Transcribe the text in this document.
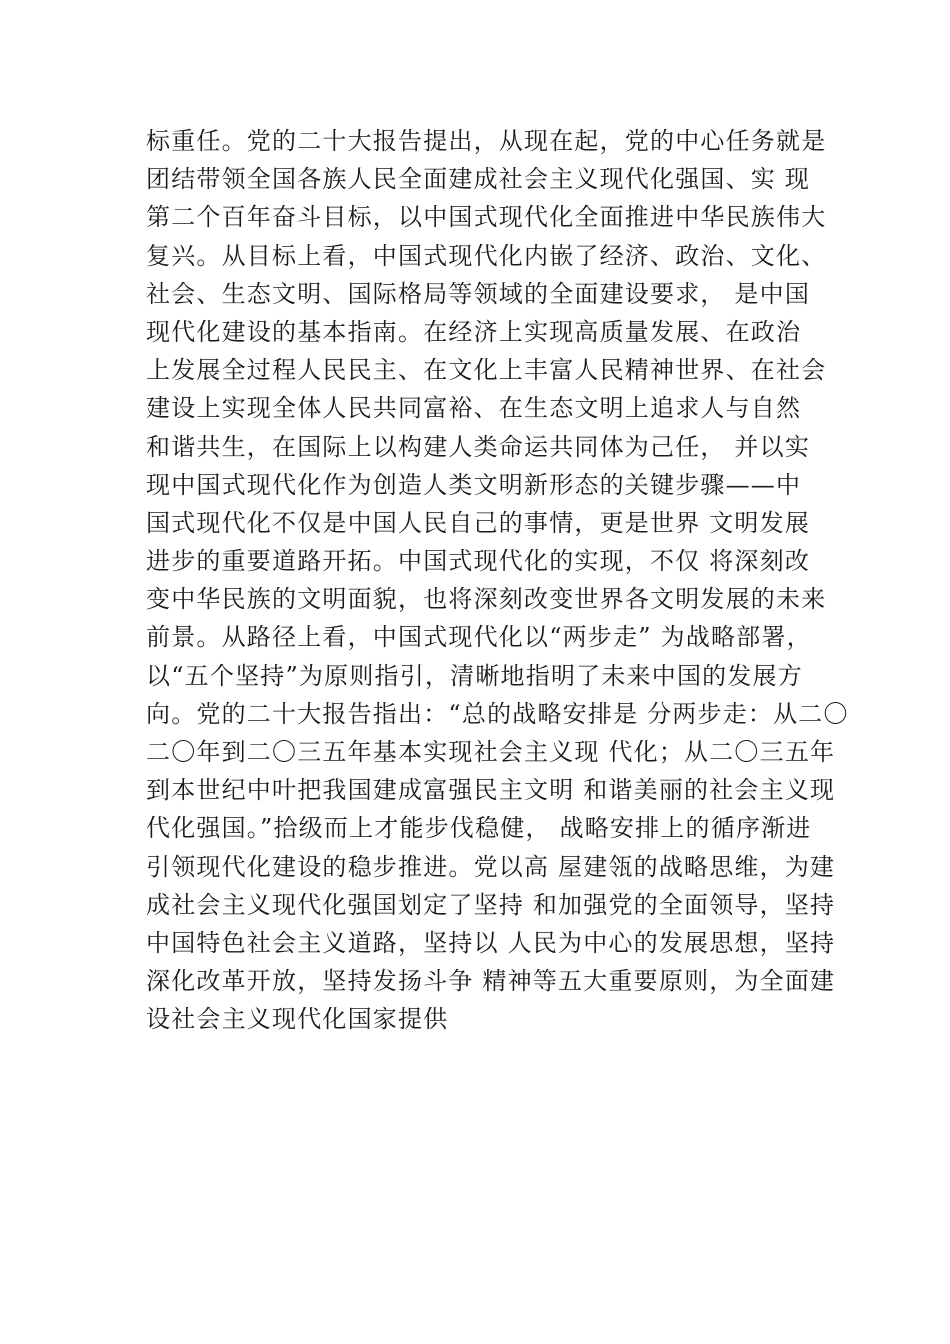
标重任。党的二十大报告提出，从现在起，党的中心任务就是
团结带领全国各族人民全面建成社会主义现代化强国、实 现
第二个百年奋斗目标，以中国式现代化全面推进中华民族伟大
复兴。从目标上看，中国式现代化内嵌了经济、政治、文化、
社会、生态文明、国际格局等领域的全面建设要求， 是中国
现代化建设的基本指南。在经济上实现高质量发展、在政治
上发展全过程人民民主、在文化上丰富人民精神世界、在社会
建设上实现全体人民共同富裕、在生态文明上追求人与自然
和谐共生，在国际上以构建人类命运共同体为己任， 并以实
现中国式现代化作为创造人类文明新形态的关键步骤——中
国式现代化不仅是中国人民自己的事情，更是世界 文明发展
进步的重要道路开拓。中国式现代化的实现，不仅 将深刻改
变中华民族的文明面貌，也将深刻改变世界各文明发展的未来
前景。从路径上看，中国式现代化以“两步走” 为战略部署，
以“五个坚持”为原则指引，清晰地指明了未来中国的发展方
向。党的二十大报告指出：“总的战略安排是 分两步走：从二〇
二〇年到二〇三五年基本实现社会主义现 代化；从二〇三五年
到本世纪中叶把我国建成富强民主文明 和谐美丽的社会主义现
代化强国。”拾级而上才能步伐稳健， 战略安排上的循序渐进
引领现代化建设的稳步推进。党以高 屋建瓴的战略思维，为建
成社会主义现代化强国划定了坚持 和加强党的全面领导，坚持
中国特色社会主义道路，坚持以 人民为中心的发展思想，坚持
深化改革开放，坚持发扬斗争 精神等五大重要原则，为全面建
设社会主义现代化国家提供
